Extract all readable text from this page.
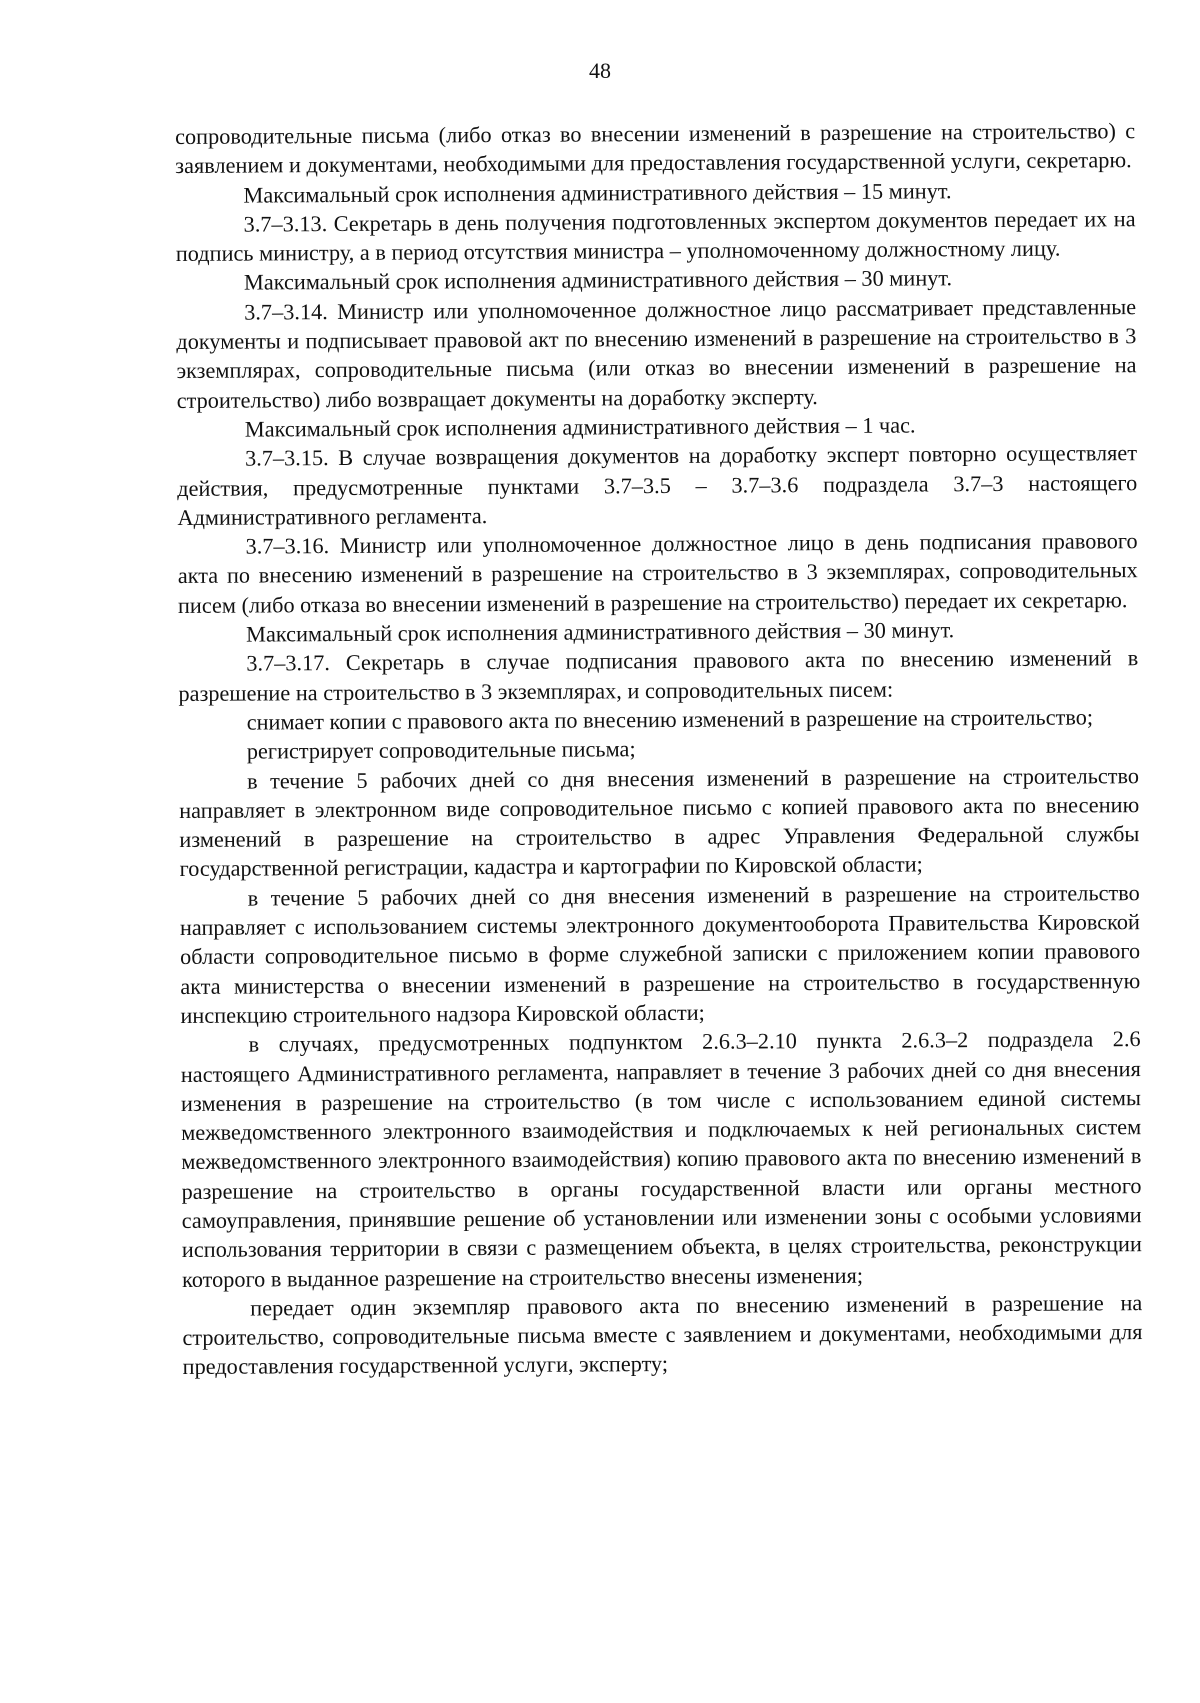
48

сопроводительные письма (либо отказ во внесении изменений в разрешение на строительство) с заявлением и документами, необходимыми для предоставления государственной услуги, секретарю.

Максимальный срок исполнения административного действия – 15 минут.

3.7–3.13. Секретарь в день получения подготовленных экспертом документов передает их на подпись министру, а в период отсутствия министра – уполномоченному должностному лицу.

Максимальный срок исполнения административного действия – 30 минут.

3.7–3.14. Министр или уполномоченное должностное лицо рассматривает представленные документы и подписывает правовой акт по внесению изменений в разрешение на строительство в 3 экземплярах, сопроводительные письма (или отказ во внесении изменений в разрешение на строительство) либо возвращает документы на доработку эксперту.

Максимальный срок исполнения административного действия – 1 час.

3.7–3.15. В случае возвращения документов на доработку эксперт повторно осуществляет действия, предусмотренные пунктами 3.7–3.5 – 3.7–3.6 подраздела 3.7–3 настоящего Административного регламента.

3.7–3.16. Министр или уполномоченное должностное лицо в день подписания правового акта по внесению изменений в разрешение на строительство в 3 экземплярах, сопроводительных писем (либо отказа во внесении изменений в разрешение на строительство) передает их секретарю.

Максимальный срок исполнения административного действия – 30 минут.

3.7–3.17. Секретарь в случае подписания правового акта по внесению изменений в разрешение на строительство в 3 экземплярах, и сопроводительных писем:

снимает копии с правового акта по внесению изменений в разрешение на строительство;

регистрирует сопроводительные письма;

в течение 5 рабочих дней со дня внесения изменений в разрешение на строительство направляет в электронном виде сопроводительное письмо с копией правового акта по внесению изменений в разрешение на строительство в адрес Управления Федеральной службы государственной регистрации, кадастра и картографии по Кировской области;

в течение 5 рабочих дней со дня внесения изменений в разрешение на строительство направляет с использованием системы электронного документооборота Правительства Кировской области сопроводительное письмо в форме служебной записки с приложением копии правового акта министерства о внесении изменений в разрешение на строительство в государственную инспекцию строительного надзора Кировской области;

в случаях, предусмотренных подпунктом 2.6.3–2.10 пункта 2.6.3–2 подраздела 2.6 настоящего Административного регламента, направляет в течение 3 рабочих дней со дня внесения изменения в разрешение на строительство (в том числе с использованием единой системы межведомственного электронного взаимодействия и подключаемых к ней региональных систем межведомственного электронного взаимодействия) копию правового акта по внесению изменений в разрешение на строительство в органы государственной власти или органы местного самоуправления, принявшие решение об установлении или изменении зоны с особыми условиями использования территории в связи с размещением объекта, в целях строительства, реконструкции которого в выданное разрешение на строительство внесены изменения;

передает один экземпляр правового акта по внесению изменений в разрешение на строительство, сопроводительные письма вместе с заявлением и документами, необходимыми для предоставления государственной услуги, эксперту;
